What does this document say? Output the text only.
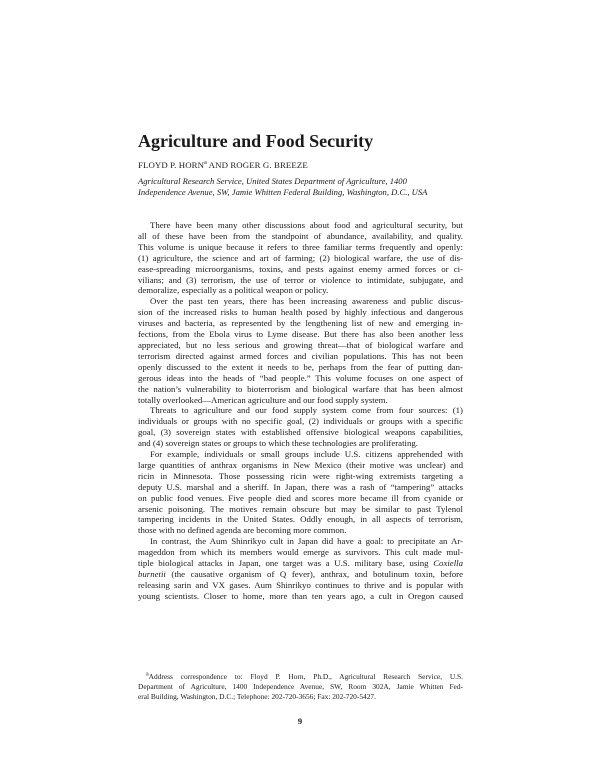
Agriculture and Food Security
FLOYD P. HORN$^a$ AND ROGER G. BREEZE
Agricultural Research Service, United States Department of Agriculture, 1400
Independence Avenue, SW, Jamie Whitten Federal Building, Washington, D.C., USA
There have been many other discussions about food and agricultural security, but
all of these have been from the standpoint of abundance, availability, and quality.
This volume is unique because it refers to three familiar terms frequently and openly:
(1) agriculture, the science and art of farming; (2) biological warfare, the use of dis-
ease-spreading microorganisms, toxins, and pests against enemy armed forces or ci-
vilians; and (3) terrorism, the use of terror or violence to intimidate, subjugate, and
demoralize, especially as a political weapon or policy.
Over the past ten years, there has been increasing awareness and public discus-
sion of the increased risks to human health posed by highly infectious and dangerous
viruses and bacteria, as represented by the lengthening list of new and emerging in-
fections, from the Ebola virus to Lyme disease. But there has also been another less
appreciated, but no less serious and growing threat—that of biological warfare and
terrorism directed against armed forces and civilian populations. This has not been
openly discussed to the extent it needs to be, perhaps from the fear of putting dan-
gerous ideas into the heads of “bad people.” This volume focuses on one aspect of
the nation’s vulnerability to bioterrorism and biological warfare that has been almost
totally overlooked—American agriculture and our food supply system.
Threats to agriculture and our food supply system come from four sources: (1)
individuals or groups with no specific goal, (2) individuals or groups with a specific
goal, (3) sovereign states with established offensive biological weapons capabilities,
and (4) sovereign states or groups to which these technologies are proliferating.
For example, individuals or small groups include U.S. citizens apprehended with
large quantities of anthrax organisms in New Mexico (their motive was unclear) and
ricin in Minnesota. Those possessing ricin were right-wing extremists targeting a
deputy U.S. marshal and a sheriff. In Japan, there was a rash of “tampering” attacks
on public food venues. Five people died and scores more became ill from cyanide or
arsenic poisoning. The motives remain obscure but may be similar to past Tylenol
tampering incidents in the United States. Oddly enough, in all aspects of terrorism,
those with no defined agenda are becoming more common.
In contrast, the Aum Shinrikyo cult in Japan did have a goal: to precipitate an Ar-
mageddon from which its members would emerge as survivors. This cult made mul-
tiple biological attacks in Japan, one target was a U.S. military base, using Coxiella
burnetii (the causative organism of Q fever), anthrax, and botulinum toxin, before
releasing sarin and VX gases. Aum Shinrikyo continues to thrive and is popular with
young scientists. Closer to home, more than ten years ago, a cult in Oregon caused
$^a$Address correspondence to: Floyd P. Horn, Ph.D., Agricultural Research Service, U.S.
Department of Agriculture, 1400 Independence Avenue, SW, Room 302A, Jamie Whitten Fed-
eral Building, Washington, D.C.; Telephone: 202-720-3656; Fax: 202-720-5427.
9
